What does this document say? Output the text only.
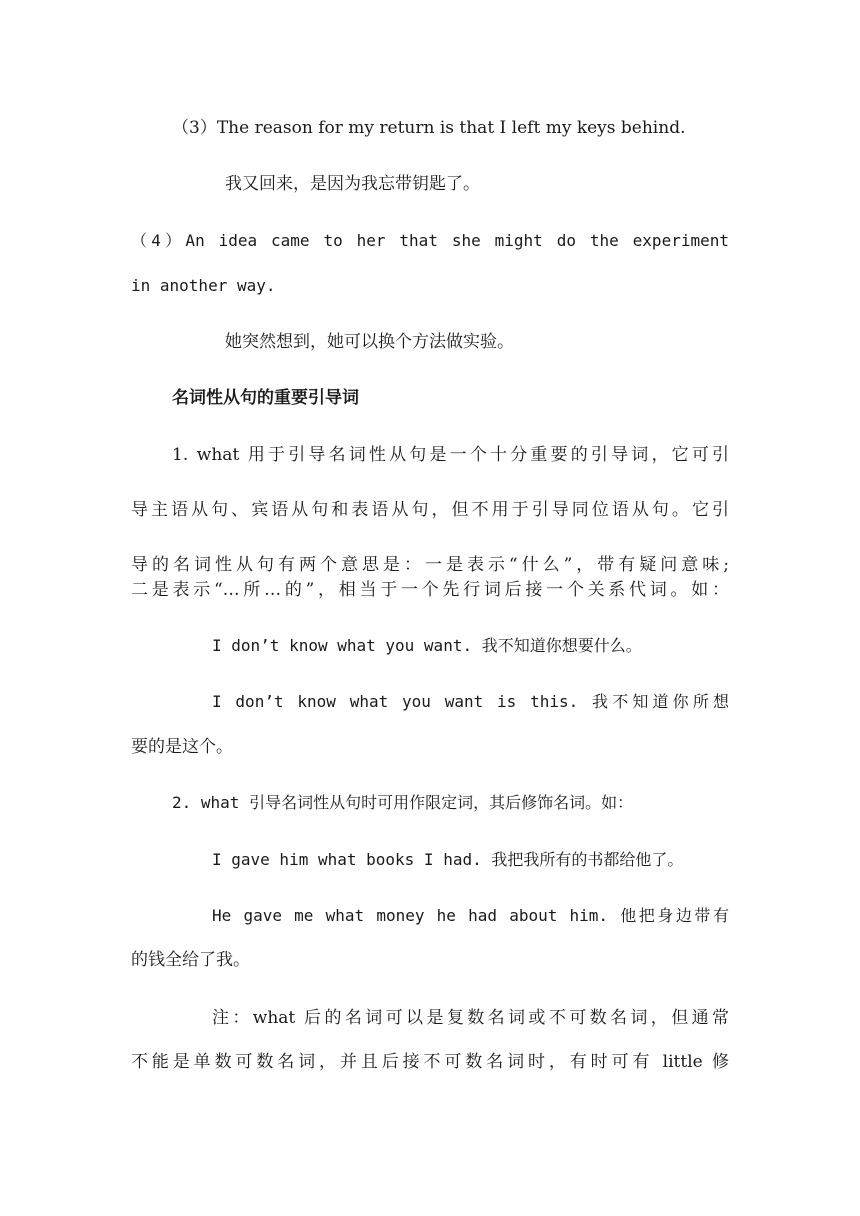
（3）The reason for my return is that I left my keys behind.
我又回来，是因为我忘带钥匙了。
（4）An idea came to her that she might do the experiment
in another way.
她突然想到，她可以换个方法做实验。
名词性从句的重要引导词
1. what 用于引导名词性从句是一个十分重要的引导词，它可引
导主语从句、宾语从句和表语从句，但不用于引导同位语从句。它引
导的名词性从句有两个意思是：一是表示“什么”，带有疑问意味;
二是表示“…所…的”，相当于一个先行词后接一个关系代词。如：
I don’t know what you want. 我不知道你想要什么。
I don’t know what you want is this. 我不知道你所想
要的是这个。
2. what 引导名词性从句时可用作限定词，其后修饰名词。如：
I gave him what books I had. 我把我所有的书都给他了。
He gave me what money he had about him. 他把身边带有
的钱全给了我。
注：what 后的名词可以是复数名词或不可数名词，但通常
不能是单数可数名词，并且后接不可数名词时，有时可有 little 修
